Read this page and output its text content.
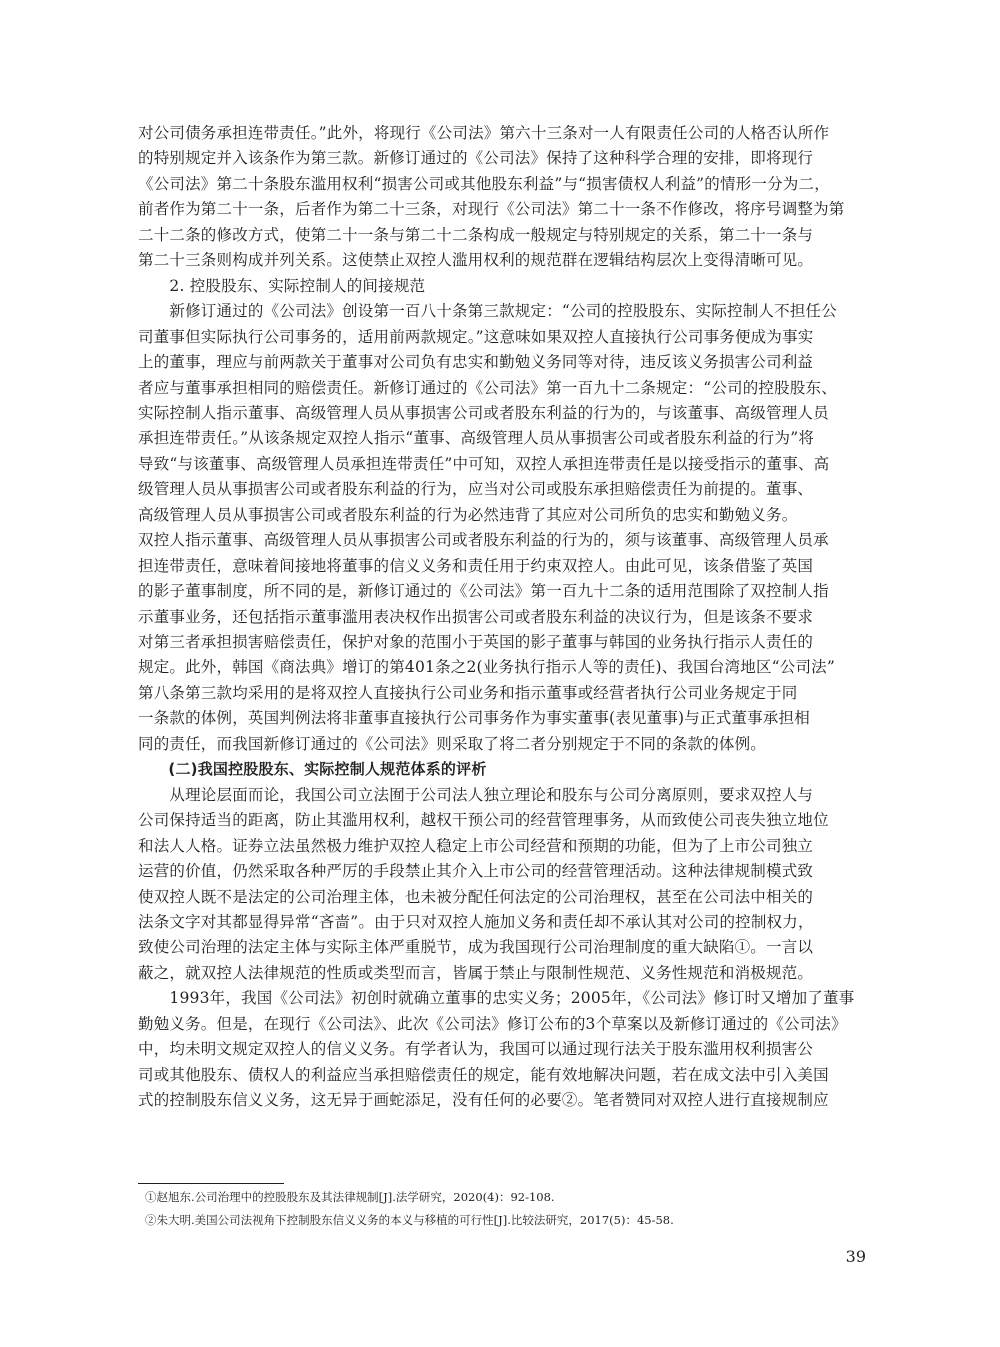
对公司债务承担连带责任。”此外，将现行《公司法》第六十三条对一人有限责任公司的人格否认所作
的特别规定并入该条作为第三款。新修订通过的《公司法》保持了这种科学合理的安排，即将现行
《公司法》第二十条股东滥用权利“损害公司或其他股东利益”与“损害债权人利益”的情形一分为二，
前者作为第二十一条，后者作为第二十三条，对现行《公司法》第二十一条不作修改，将序号调整为第
二十二条的修改方式，使第二十一条与第二十二条构成一般规定与特别规定的关系，第二十一条与
第二十三条则构成并列关系。这使禁止双控人滥用权利的规范群在逻辑结构层次上变得清晰可见。
　　2. 控股股东、实际控制人的间接规范
　　新修订通过的《公司法》创设第一百八十条第三款规定：“公司的控股股东、实际控制人不担任公
司董事但实际执行公司事务的，适用前两款规定。”这意味如果双控人直接执行公司事务便成为事实
上的董事，理应与前两款关于董事对公司负有忠实和勤勉义务同等对待，违反该义务损害公司利益
者应与董事承担相同的赔偿责任。新修订通过的《公司法》第一百九十二条规定：“公司的控股股东、
实际控制人指示董事、高级管理人员从事损害公司或者股东利益的行为的，与该董事、高级管理人员
承担连带责任。”从该条规定双控人指示“董事、高级管理人员从事损害公司或者股东利益的行为”将
导致“与该董事、高级管理人员承担连带责任”中可知，双控人承担连带责任是以接受指示的董事、高
级管理人员从事损害公司或者股东利益的行为，应当对公司或股东承担赔偿责任为前提的。董事、
高级管理人员从事损害公司或者股东利益的行为必然违背了其应对公司所负的忠实和勤勉义务。
双控人指示董事、高级管理人员从事损害公司或者股东利益的行为的，须与该董事、高级管理人员承
担连带责任，意味着间接地将董事的信义义务和责任用于约束双控人。由此可见，该条借鉴了英国
的影子董事制度，所不同的是，新修订通过的《公司法》第一百九十二条的适用范围除了双控制人指
示董事业务，还包括指示董事滥用表决权作出损害公司或者股东利益的决议行为，但是该条不要求
对第三者承担损害赔偿责任，保护对象的范围小于英国的影子董事与韩国的业务执行指示人责任的
规定。此外，韩国《商法典》增订的第401条之2(业务执行指示人等的责任)、我国台湾地区“公司法”
第八条第三款均采用的是将双控人直接执行公司业务和指示董事或经营者执行公司业务规定于同
一条款的体例，英国判例法将非董事直接执行公司事务作为事实董事(表见董事)与正式董事承担相
同的责任，而我国新修订通过的《公司法》则采取了将二者分别规定于不同的条款的体例。
　　(二)我国控股股东、实际控制人规范体系的评析
　　从理论层面而论，我国公司立法囿于公司法人独立理论和股东与公司分离原则，要求双控人与
公司保持适当的距离，防止其滥用权利，越权干预公司的经营管理事务，从而致使公司丧失独立地位
和法人人格。证券立法虽然极力维护双控人稳定上市公司经营和预期的功能，但为了上市公司独立
运营的价值，仍然采取各种严厉的手段禁止其介入上市公司的经营管理活动。这种法律规制模式致
使双控人既不是法定的公司治理主体，也未被分配任何法定的公司治理权，甚至在公司法中相关的
法条文字对其都显得异常“吝啬”。由于只对双控人施加义务和责任却不承认其对公司的控制权力，
致使公司治理的法定主体与实际主体严重脱节，成为我国现行公司治理制度的重大缺陷①。一言以
蔽之，就双控人法律规范的性质或类型而言，皆属于禁止与限制性规范、义务性规范和消极规范。
　　1993年，我国《公司法》初创时就确立董事的忠实义务；2005年，《公司法》修订时又增加了董事
勤勉义务。但是，在现行《公司法》、此次《公司法》修订公布的3个草案以及新修订通过的《公司法》
中，均未明文规定双控人的信义义务。有学者认为，我国可以通过现行法关于股东滥用权利损害公
司或其他股东、债权人的利益应当承担赔偿责任的规定，能有效地解决问题，若在成文法中引入美国
式的控制股东信义义务，这无异于画蛇添足，没有任何的必要②。笔者赞同对双控人进行直接规制应
①赵旭东.公司治理中的控股股东及其法律规制[J].法学研究，2020(4)：92-108.
②朱大明.美国公司法视角下控制股东信义义务的本义与移植的可行性[J].比较法研究，2017(5)：45-58.
39
